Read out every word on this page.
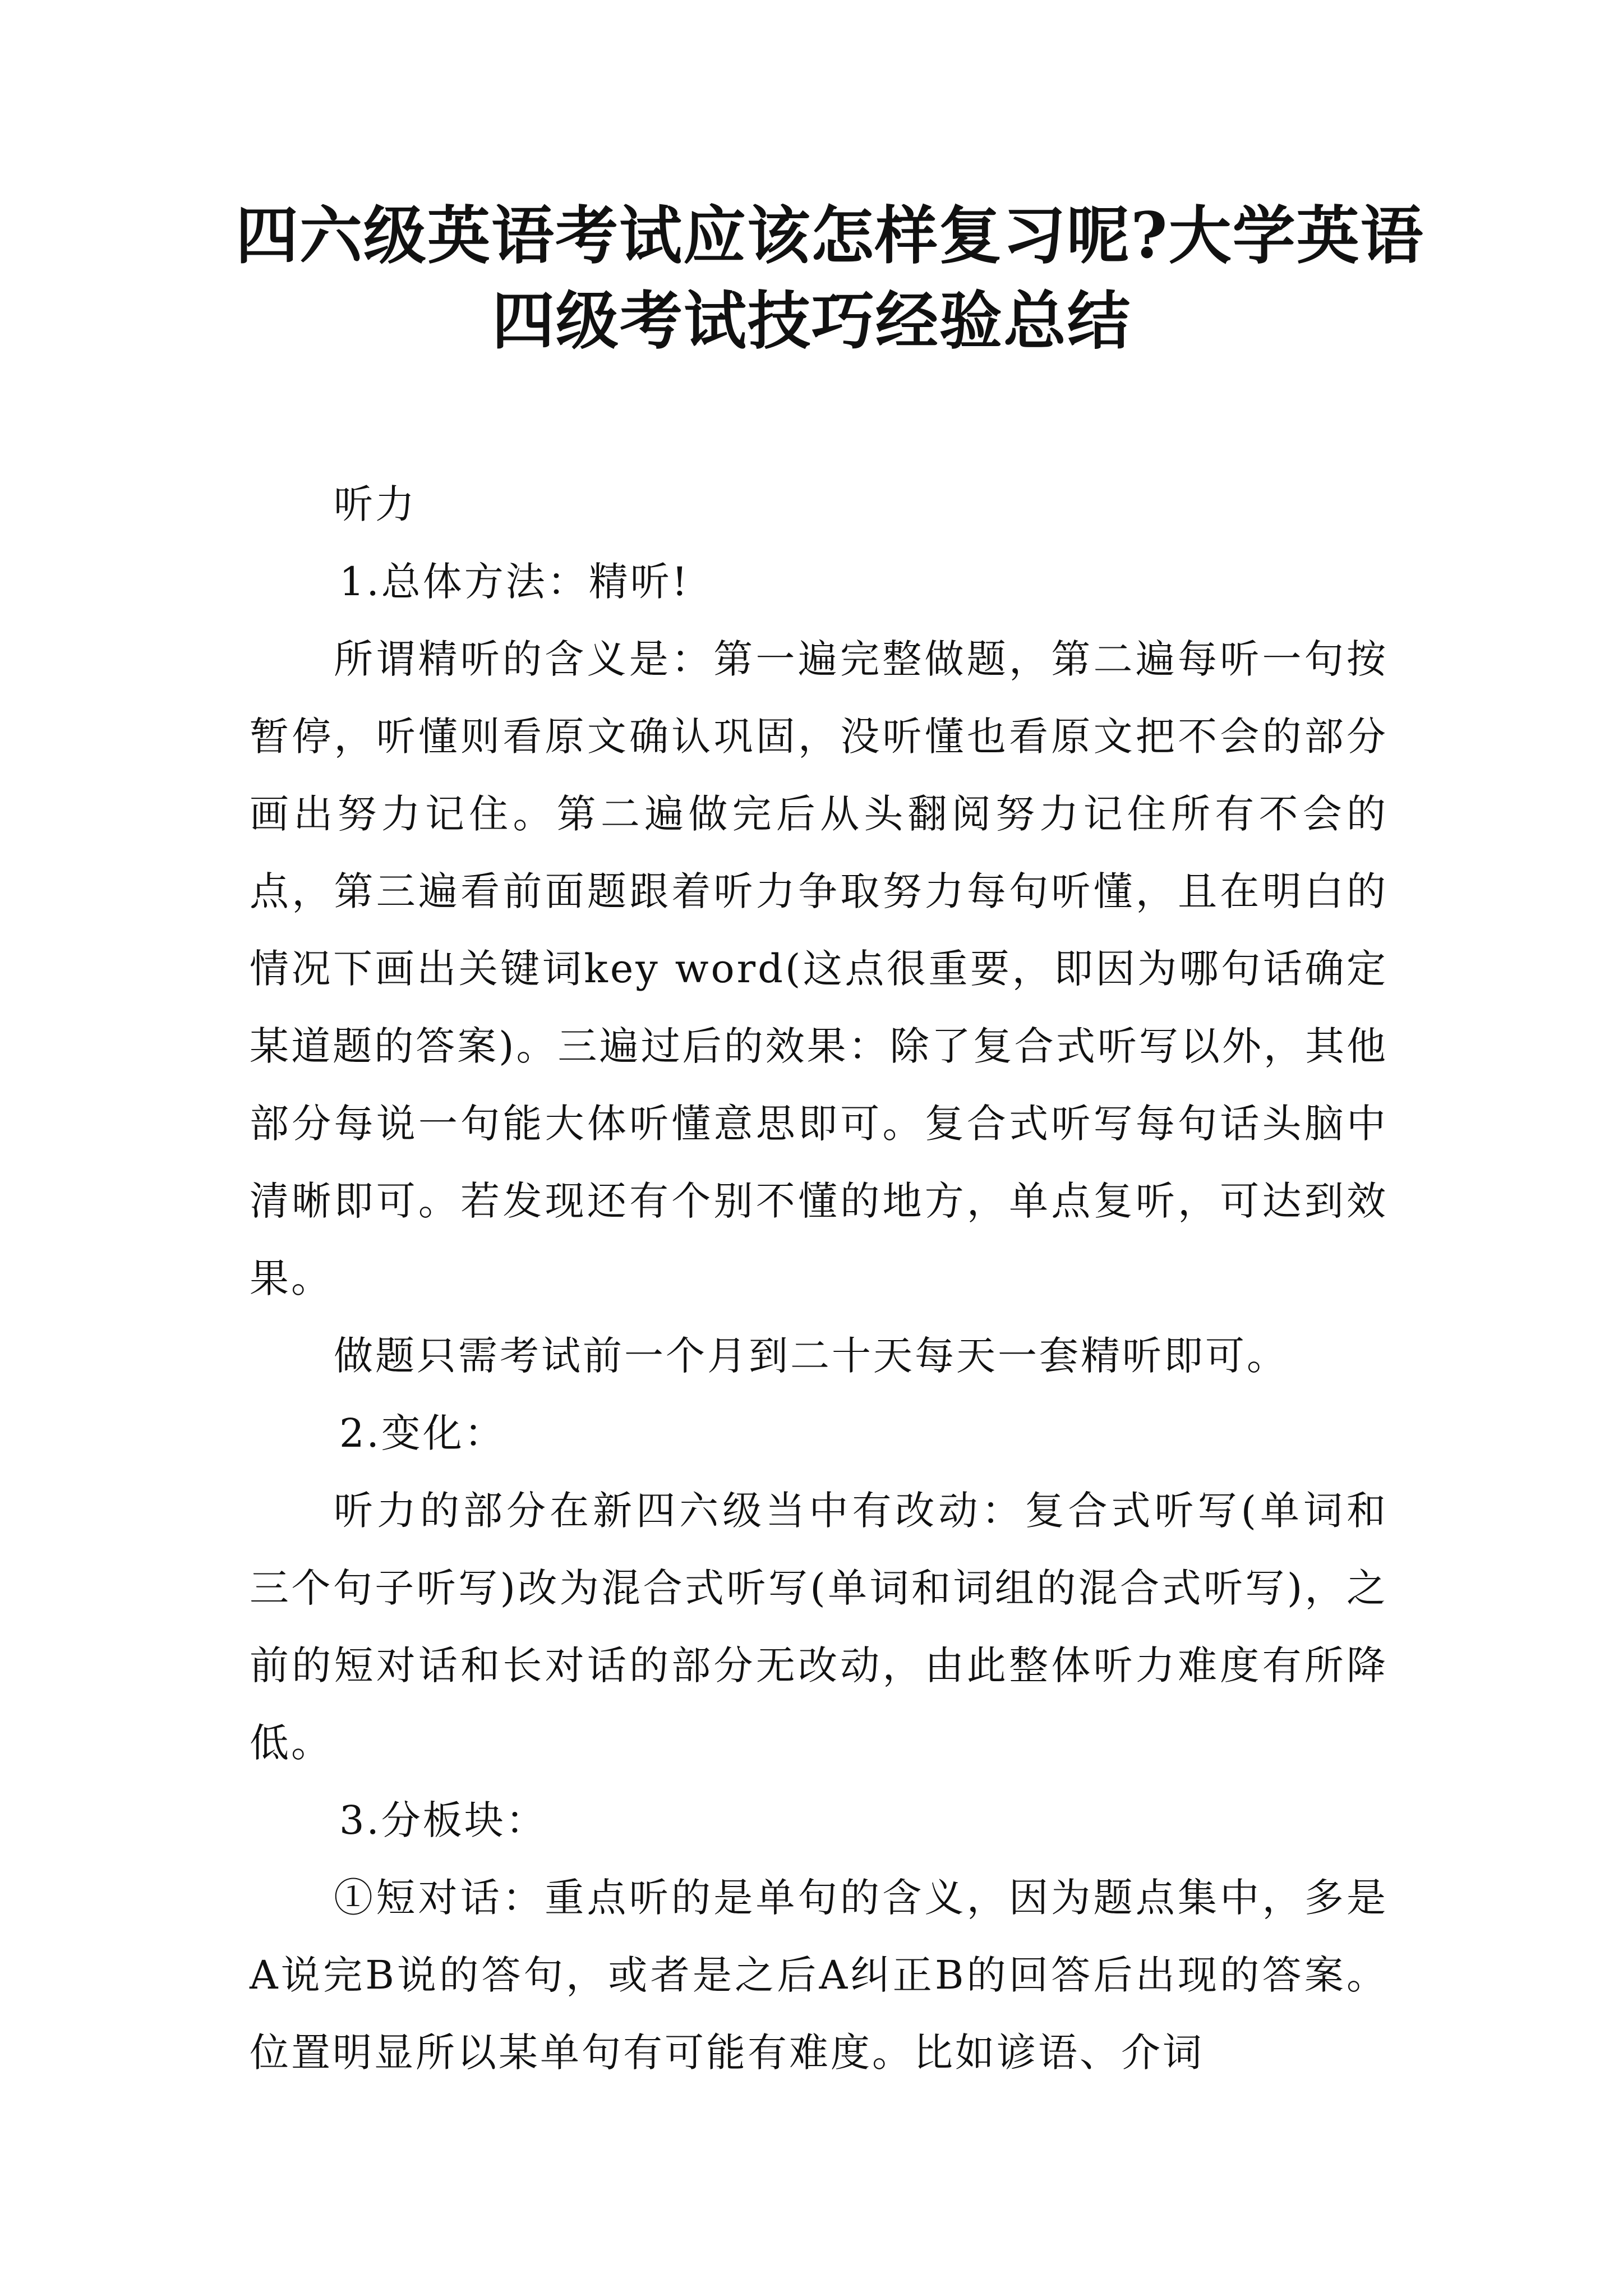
四六级英语考试应该怎样复习呢?大学英语
四级考试技巧经验总结

听力

1.总体方法：精听!

所谓精听的含义是：第一遍完整做题，第二遍每听一句按暂停，听懂则看原文确认巩固，没听懂也看原文把不会的部分画出努力记住。第二遍做完后从头翻阅努力记住所有不会的点，第三遍看前面题跟着听力争取努力每句听懂，且在明白的情况下画出关键词key word(这点很重要，即因为哪句话确定某道题的答案)。三遍过后的效果：除了复合式听写以外，其他部分每说一句能大体听懂意思即可。复合式听写每句话头脑中清晰即可。若发现还有个别不懂的地方，单点复听，可达到效果。

做题只需考试前一个月到二十天每天一套精听即可。

2.变化：

听力的部分在新四六级当中有改动：复合式听写(单词和三个句子听写)改为混合式听写(单词和词组的混合式听写)，之前的短对话和长对话的部分无改动，由此整体听力难度有所降低。

3.分板块：

①短对话：重点听的是单句的含义，因为题点集中，多是A说完B说的答句，或者是之后A纠正B的回答后出现的答案。位置明显所以某单句有可能有难度。比如谚语、介词
